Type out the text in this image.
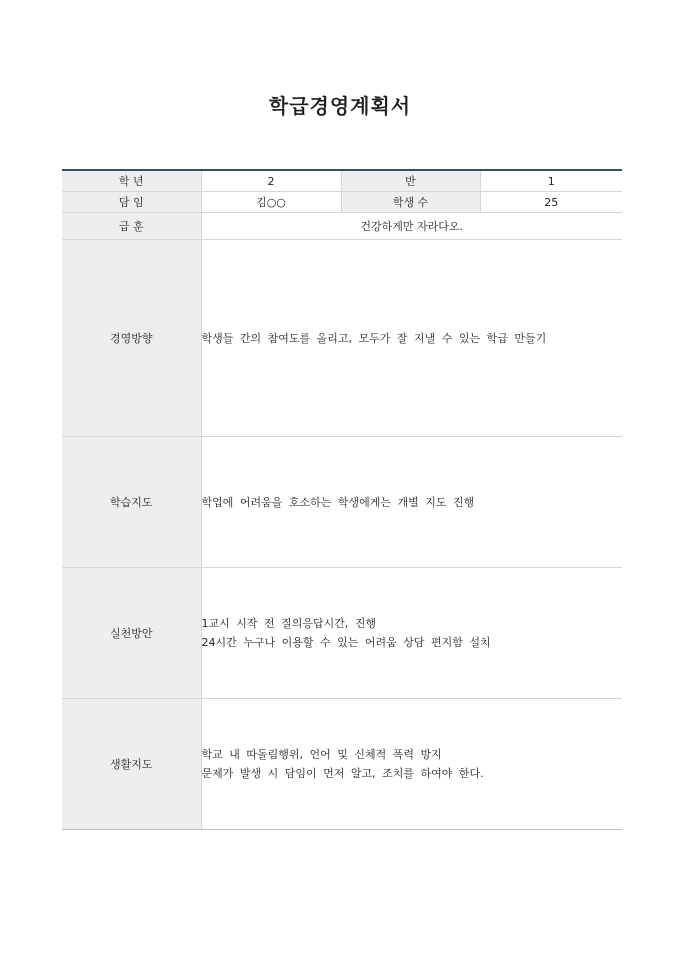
학급경영계획서
학 년	2	반	1
담 임	김○○	학생 수	25
급 훈	건강하게만 자라다오.		
경영방향	학생들 간의 참여도를 올리고, 모두가 잘 지낼 수 있는 학급 만들기		

학습지도	학업에 어려움을 호소하는 학생에게는 개별 지도 진행		

실천방안	1교시 시작 전 질의응답시간, 진행
24시간 누구나 이용할 수 있는 어려움 상담 편지함 설치		

생활지도	학교 내 따돌림행위, 언어 및 신체적 폭력 방지
문제가 발생 시 담임이 먼저 알고, 조치를 하여야 한다.		
